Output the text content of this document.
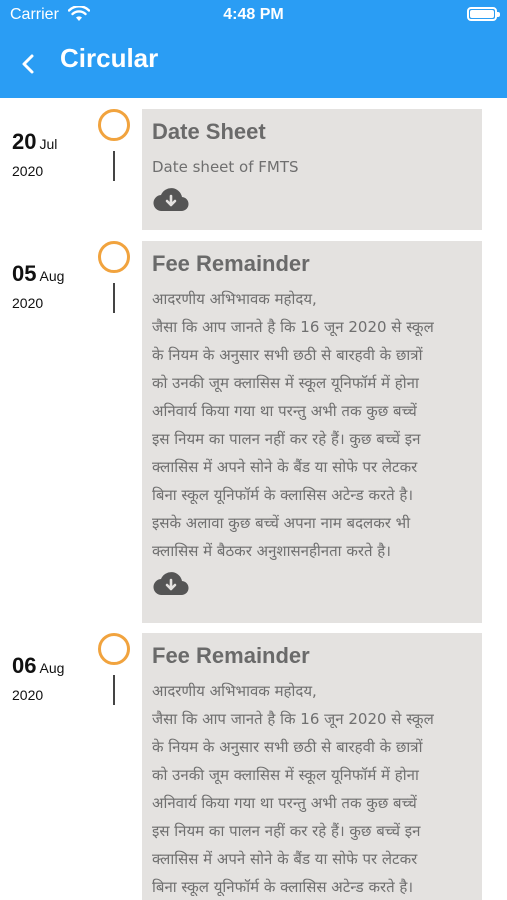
Carrier	4:48 PM
Circular
20 Jul
2020
Date Sheet
Date sheet of FMTS
05 Aug
2020
Fee Remainder
आदरणीय अभिभावक महोदय,
जैसा कि आप जानते है कि 16 जून 2020 से स्कूल
के नियम के अनुसार सभी छठी से बारहवी के छात्रों
को उनकी जूम क्लासिस में स्कूल यूनिफॉर्म में होना
अनिवार्य किया गया था परन्तु अभी तक कुछ बच्चें
इस नियम का पालन नहीं कर रहे हैं। कुछ बच्चें इन
क्लासिस में अपने सोने के बैंड या सोफे पर लेटकर
बिना स्कूल यूनिफॉर्म के क्लासिस अटेन्ड करते है।
इसके अलावा कुछ बच्चें अपना नाम बदलकर भी
क्लासिस में बैठकर अनुशासनहीनता करते है।
06 Aug
2020
Fee Remainder
आदरणीय अभिभावक महोदय,
जैसा कि आप जानते है कि 16 जून 2020 से स्कूल
के नियम के अनुसार सभी छठी से बारहवी के छात्रों
को उनकी जूम क्लासिस में स्कूल यूनिफॉर्म में होना
अनिवार्य किया गया था परन्तु अभी तक कुछ बच्चें
इस नियम का पालन नहीं कर रहे हैं। कुछ बच्चें इन
क्लासिस में अपने सोने के बैंड या सोफे पर लेटकर
बिना स्कूल यूनिफॉर्म के क्लासिस अटेन्ड करते है।
